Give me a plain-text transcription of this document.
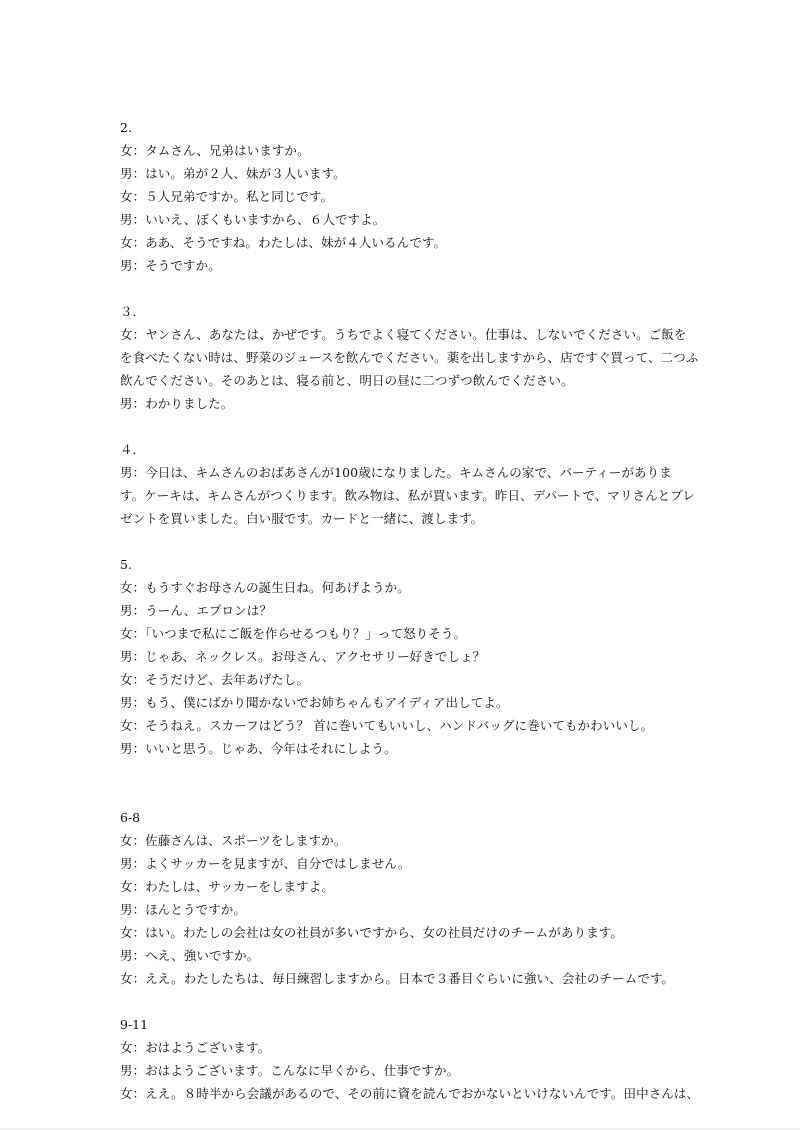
2.
女：タムさん、兄弟はいますか。
男：はい。弟が２人、妹が３人います。
女：５人兄弟ですか。私と同じです。
男：いいえ、ぼくもいますから、６人ですよ。
女：ああ、そうですね。わたしは、妹が４人いるんです。
男：そうですか。
３．
女：ヤンさん、あなたは、かぜです。うちでよく寝てください。仕事は、しないでください。ご飯を
を食べたくない時は、野菜のジュースを飲んでください。薬を出しますから、店ですぐ買って、二つふ
飲んでください。そのあとは、寝る前と、明日の昼に二つずつ飲んでください。
男：わかりました。
４．
男：今日は、キムさんのおばあさんが100歳になりました。キムさんの家で、パーティーがありま
す。ケーキは、キムさんがつくります。飲み物は、私が買います。昨日、デパートで、マリさんとプレ
ゼントを買いました。白い服です。カードと一緒に、渡します。
5.
女：もうすぐお母さんの誕生日ね。何あげようか。
男：うーん、エプロンは？
女：「いつまで私にご飯を作らせるつもり？」って怒りそう。
男：じゃあ、ネックレス。お母さん、アクセサリー好きでしょ？
女：そうだけど、去年あげたし。
男：もう、僕にばかり聞かないでお姉ちゃんもアイディア出してよ。
女：そうねえ。スカーフはどう？ 首に巻いてもいいし、ハンドバッグに巻いてもかわいいし。
男：いいと思う。じゃあ、今年はそれにしよう。
6-8
女：佐藤さんは、スポーツをしますか。
男：よくサッカーを見ますが、自分ではしません。
女：わたしは、サッカーをしますよ。
男：ほんとうですか。
女：はい。わたしの会社は女の社員が多いですから、女の社員だけのチームがあります。
男：へえ、強いですか。
女：ええ。わたしたちは、毎日練習しますから。日本で３番目ぐらいに強い、会社のチームです。
9-11
女：おはようございます。
男：おはようございます。こんなに早くから、仕事ですか。
女：ええ。８時半から会議があるので、その前に資を読んでおかないといけないんです。田中さんは、
